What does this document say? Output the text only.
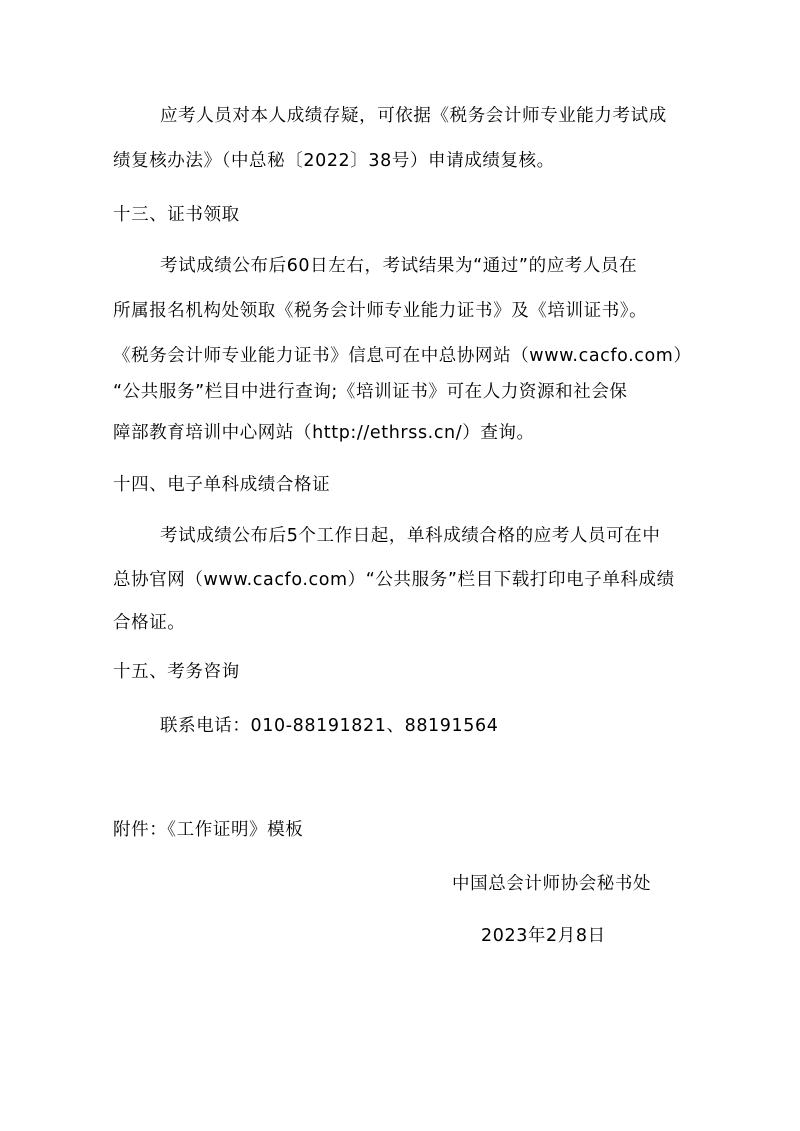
应考人员对本人成绩存疑，可依据《税务会计师专业能力考试成
绩复核办法》（中总秘〔2022〕38号）申请成绩复核。
十三、证书领取
考试成绩公布后60日左右，考试结果为“通过”的应考人员在
所属报名机构处领取《税务会计师专业能力证书》及《培训证书》。
《税务会计师专业能力证书》信息可在中总协网站（www.cacfo.com）
“公共服务”栏目中进行查询;《培训证书》可在人力资源和社会保
障部教育培训中心网站（http://ethrss.cn/）查询。
十四、电子单科成绩合格证
考试成绩公布后5个工作日起，单科成绩合格的应考人员可在中
总协官网（www.cacfo.com）“公共服务”栏目下载打印电子单科成绩
合格证。
十五、考务咨询
联系电话：010-88191821、88191564
附件：《工作证明》模板
中国总会计师协会秘书处
2023年2月8日
